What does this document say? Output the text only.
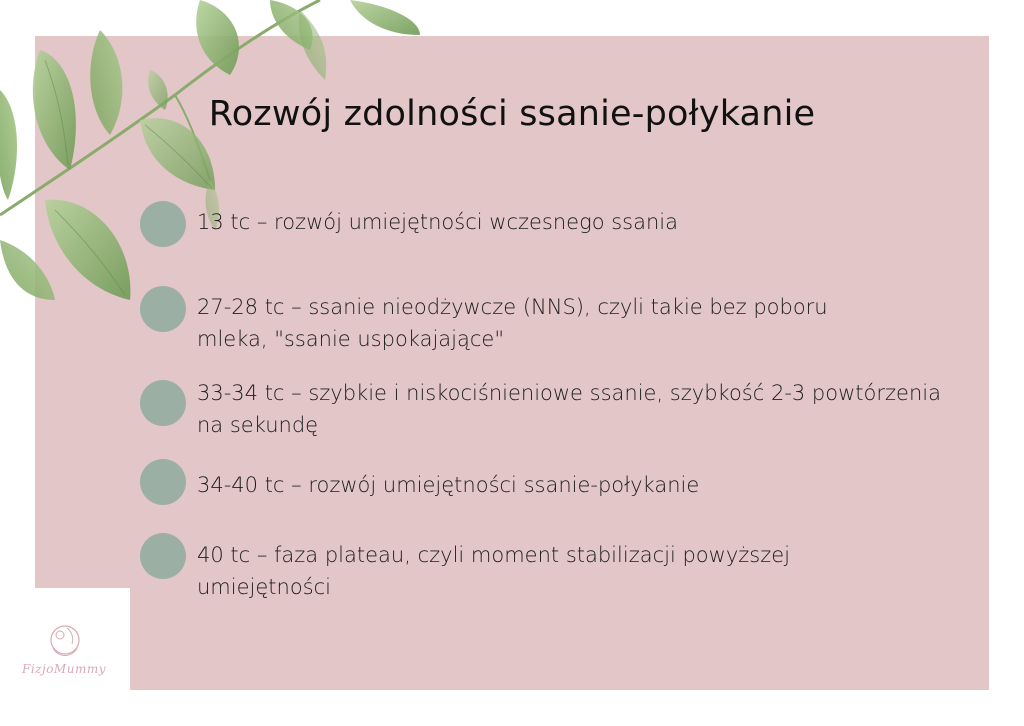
Rozwój zdolności ssanie-połykanie
13 tc – rozwój umiejętności wczesnego ssania
27-28 tc – ssanie nieodżywcze (NNS), czyli takie bez poboru
mleka, "ssanie uspokajające"
33-34 tc – szybkie i niskociśnieniowe ssanie, szybkość 2-3 powtórzenia
na sekundę
34-40 tc – rozwój umiejętności ssanie-połykanie
40 tc – faza plateau, czyli moment stabilizacji powyższej
umiejętności
FizjoMummy
